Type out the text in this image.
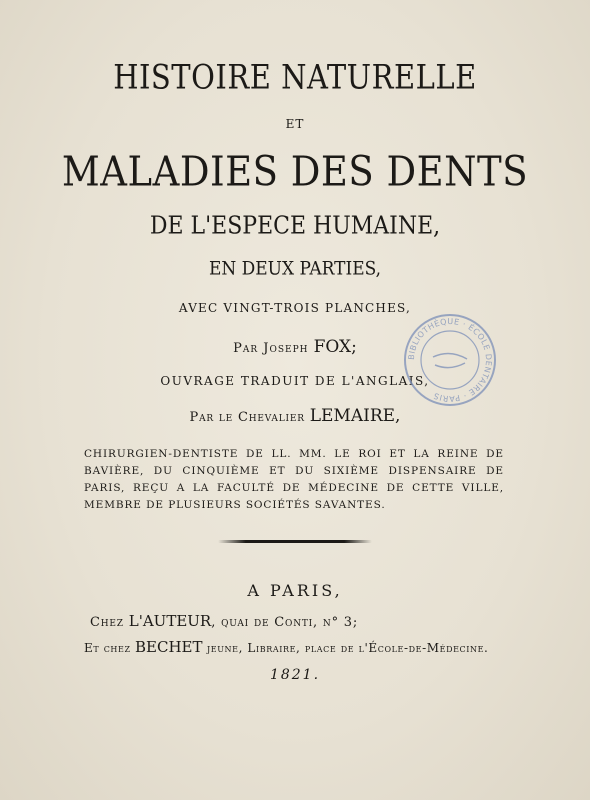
HISTOIRE NATURELLE
ET
MALADIES DES DENTS
DE L'ESPECE HUMAINE,
EN DEUX PARTIES,
AVEC VINGT-TROIS PLANCHES,
Par Joseph FOX;
OUVRAGE TRADUIT DE L'ANGLAIS,
Par le Chevalier LEMAIRE,
CHIRURGIEN-DENTISTE DE LL. MM. LE ROI ET LA REINE DE BAVIÈRE, DU CINQUIÈME ET DU SIXIÈME DISPENSAIRE DE PARIS, REÇU A LA FACULTÉ DE MÉDECINE DE CETTE VILLE, MEMBRE DE PLUSIEURS SOCIÉTÉS SAVANTES.
A PARIS,
Chez L'AUTEUR, quai de Conti, n° 3;
Et chez BECHET jeune, Libraire, place de l'École-de-Médecine.
1821.
BIBLIOTHÈQUE · ÉCOLE DENTAIRE · PARIS
